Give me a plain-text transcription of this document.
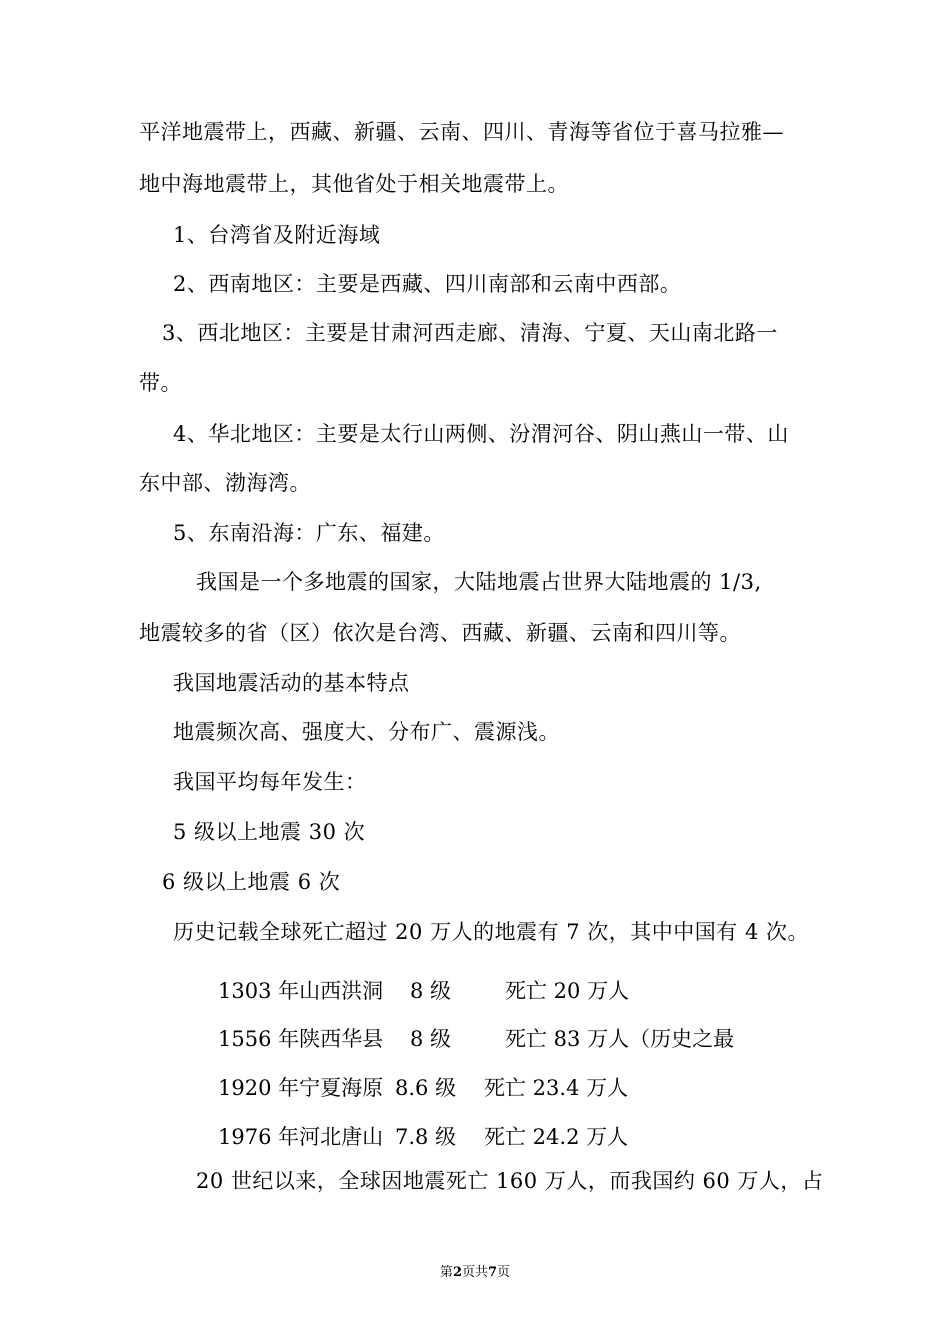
平洋地震带上，西藏、新疆、云南、四川、青海等省位于喜马拉雅—
地中海地震带上，其他省处于相关地震带上。
1、台湾省及附近海域
2、西南地区：主要是西藏、四川南部和云南中西部。
3、西北地区：主要是甘肃河西走廊、清海、宁夏、天山南北路一
带。
4、华北地区：主要是太行山两侧、汾渭河谷、阴山燕山一带、山
东中部、渤海湾。
5、东南沿海：广东、福建。
我国是一个多地震的国家，大陆地震占世界大陆地震的 1/3,
地震较多的省（区）依次是台湾、西藏、新疆、云南和四川等。
我国地震活动的基本特点
地震频次高、强度大、分布广、震源浅。
我国平均每年发生：
5 级以上地震 30 次
6 级以上地震 6 次
历史记载全球死亡超过 20 万人的地震有 7 次，其中中国有 4 次。
1303 年山西洪洞 8 级	死亡 20 万人
1556 年陕西华县 8 级	死亡 83 万人（历史之最
1920 年宁夏海原 8.6 级 死亡 23.4 万人
1976 年河北唐山 7.8 级 死亡 24.2 万人
20 世纪以来，全球因地震死亡 160 万人，而我国约 60 万人，占
第2页共7页
